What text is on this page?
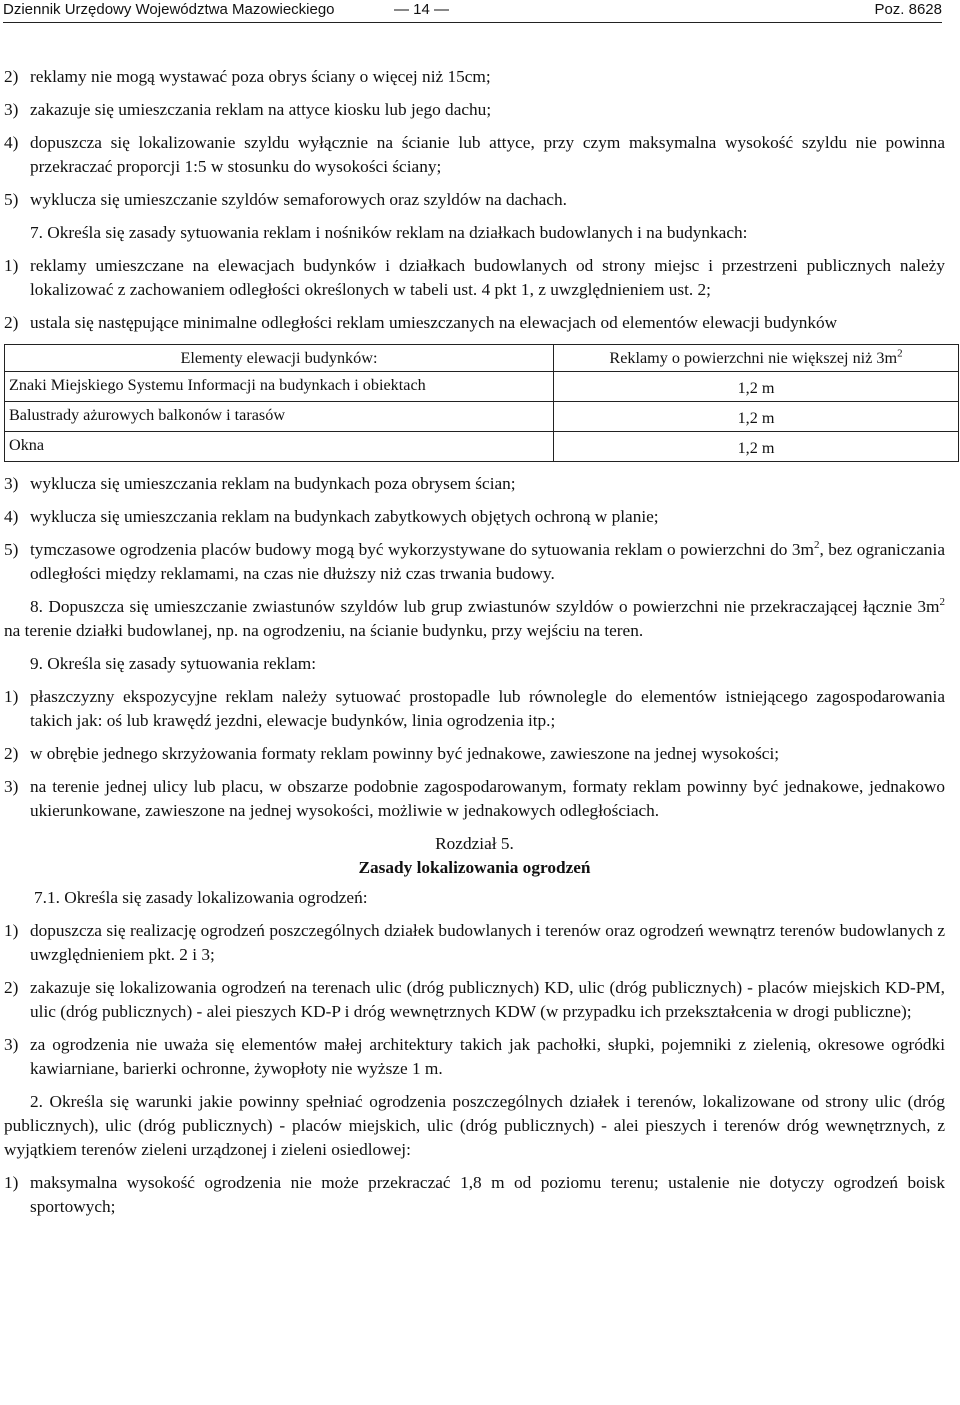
Dziennik Urzędowy Województwa Mazowieckiego	— 14 —	Poz. 8628
2) reklamy nie mogą wystawać poza obrys ściany o więcej niż 15cm;
3) zakazuje się umieszczania reklam na attyce kiosku lub jego dachu;
4) dopuszcza się lokalizowanie szyldu wyłącznie na ścianie lub attyce, przy czym maksymalna wysokość szyldu nie powinna przekraczać proporcji 1:5 w stosunku do wysokości ściany;
5) wyklucza się umieszczanie szyldów semaforowych oraz szyldów na dachach.

7. Określa się zasady sytuowania reklam i nośników reklam na działkach budowlanych i na budynkach:

1) reklamy umieszczane na elewacjach budynków i działkach budowlanych od strony miejsc i przestrzeni publicznych należy lokalizować z zachowaniem odległości określonych w tabeli ust. 4 pkt 1, z uwzględnieniem ust. 2;
2) ustala się następujące minimalne odległości reklam umieszczanych na elewacjach od elementów elewacji budynków
Elementy elewacji budynków:	Reklamy o powierzchni nie większej niż $3m^2$
Znaki Miejskiego Systemu Informacji na budynkach i obiektach	1,2 m
Balustrady ażurowych balkonów i tarasów	1,2 m
Okna	1,2 m
3) wyklucza się umieszczania reklam na budynkach poza obrysem ścian;
4) wyklucza się umieszczania reklam na budynkach zabytkowych objętych ochroną w planie;
5) tymczasowe ogrodzenia placów budowy mogą być wykorzystywane do sytuowania reklam o powierzchni do $3m^2$, bez ograniczania odległości między reklamami, na czas nie dłuższy niż czas trwania budowy.

8. Dopuszcza się umieszczanie zwiastunów szyldów lub grup zwiastunów szyldów o powierzchni nie przekraczającej łącznie $3m^2$ na terenie działki budowlanej, np. na ogrodzeniu, na ścianie budynku, przy wejściu na teren.

9. Określa się zasady sytuowania reklam:

1) płaszczyzny ekspozycyjne reklam należy sytuować prostopadle lub równolegle do elementów istniejącego zagospodarowania takich jak: oś lub krawędź jezdni, elewacje budynków, linia ogrodzenia itp.;
2) w obrębie jednego skrzyżowania formaty reklam powinny być jednakowe, zawieszone na jednej wysokości;
3) na terenie jednej ulicy lub placu, w obszarze podobnie zagospodarowanym, formaty reklam powinny być jednakowe, jednakowo ukierunkowane, zawieszone na jednej wysokości, możliwie w jednakowych odległościach.

Rozdział 5.

Zasady lokalizowania ogrodzeń

7.1. Określa się zasady lokalizowania ogrodzeń:

1) dopuszcza się realizację ogrodzeń poszczególnych działek budowlanych i terenów oraz ogrodzeń wewnątrz terenów budowlanych z uwzględnieniem pkt. 2 i 3;
2) zakazuje się lokalizowania ogrodzeń na terenach ulic (dróg publicznych) KD, ulic (dróg publicznych) - placów miejskich KD-PM, ulic (dróg publicznych) - alei pieszych KD-P i dróg wewnętrznych KDW (w przypadku ich przekształcenia w drogi publiczne);
3) za ogrodzenia nie uważa się elementów małej architektury takich jak pachołki, słupki, pojemniki z zielenią, okresowe ogródki kawiarniane, barierki ochronne, żywopłoty nie wyższe 1 m.

2. Określa się warunki jakie powinny spełniać ogrodzenia poszczególnych działek i terenów, lokalizowane od strony ulic (dróg publicznych), ulic (dróg publicznych) - placów miejskich, ulic (dróg publicznych) - alei pieszych i terenów dróg wewnętrznych, z wyjątkiem terenów zieleni urządzonej i zieleni osiedlowej:

1) maksymalna wysokość ogrodzenia nie może przekraczać 1,8 m od poziomu terenu; ustalenie nie dotyczy ogrodzeń boisk sportowych;
